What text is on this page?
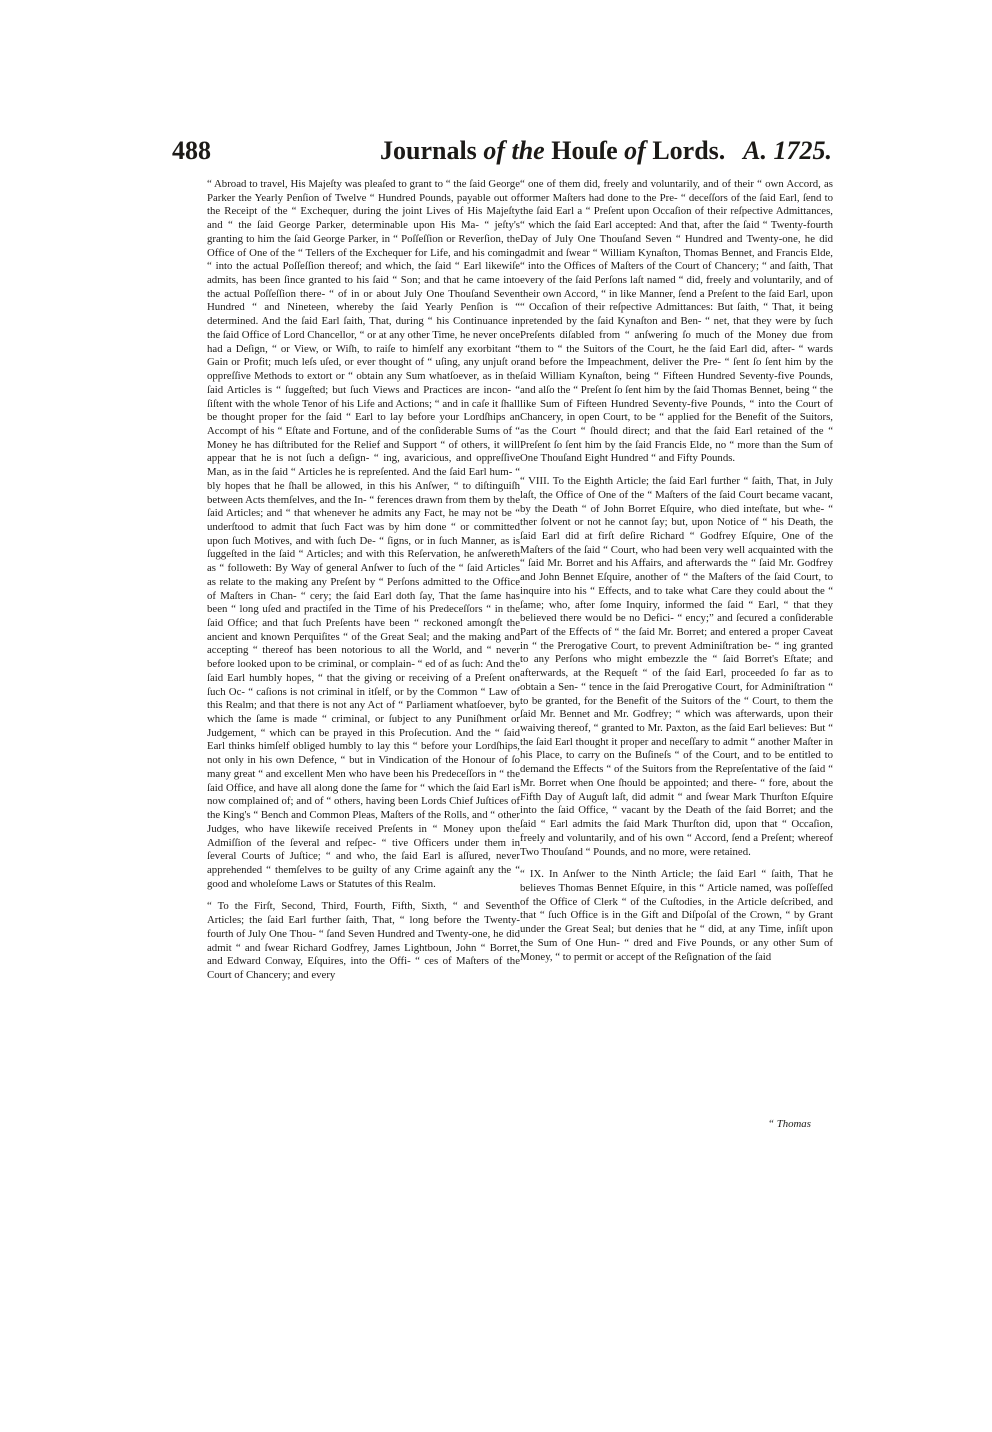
488	Journals of the Houſe of Lords. A. 1725.

“ Abroad to travel, His Majeſty was pleaſed to grant to “ the ſaid George Parker the Yearly Penſion of Twelve “ Hundred Pounds, payable out of the Receipt of the “ Exchequer, during the joint Lives of His Majeſty and “ the ſaid George Parker, determinable upon His Ma- “ jeſty's granting to him the ſaid George Parker, in “ Poſſeſſion or Reverſion, the Office of One of the “ Tellers of the Exchequer for Life, and his coming “ into the actual Poſſeſſion thereof; and which, the ſaid “ Earl likewiſe admits, has been ſince granted to his ſaid “ Son; and that he came into the actual Poſſeſſion there- “ of in or about July One Thouſand Seven Hundred “ and Nineteen, whereby the ſaid Yearly Penſion is “ determined. And the ſaid Earl ſaith, That, during “ his Continuance in the ſaid Office of Lord Chancellor, “ or at any other Time, he never once had a Deſign, “ or View, or Wiſh, to raiſe to himſelf any exorbitant “ Gain or Profit; much leſs uſed, or ever thought of “ uſing, any unjuſt or oppreſſive Methods to extort or “ obtain any Sum whatſoever, as in the ſaid Articles is “ ſuggeſted; but ſuch Views and Practices are incon- “ ſiſtent with the whole Tenor of his Life and Actions; “ and in caſe it ſhall be thought proper for the ſaid “ Earl to lay before your Lordſhips an Accompt of his “ Eſtate and Fortune, and of the conſiderable Sums of “ Money he has diſtributed for the Relief and Support “ of others, it will appear that he is not ſuch a deſign- “ ing, avaricious, and oppreſſive Man, as in the ſaid “ Articles he is repreſented. And the ſaid Earl hum- “ bly hopes that he ſhall be allowed, in this his Anſwer, “ to diſtinguiſh between Acts themſelves, and the In- “ ferences drawn from them by the ſaid Articles; and “ that whenever he admits any Fact, he may not be “ underſtood to admit that ſuch Fact was by him done “ or committed upon ſuch Motives, and with ſuch De- “ ſigns, or in ſuch Manner, as is ſuggeſted in the ſaid “ Articles; and with this Reſervation, he anſwereth as “ followeth: By Way of general Anſwer to ſuch of the “ ſaid Articles as relate to the making any Preſent by “ Perſons admitted to the Office of Maſters in Chan- “ cery; the ſaid Earl doth ſay, That the ſame has been “ long uſed and practiſed in the Time of his Predeceſſors “ in the ſaid Office; and that ſuch Preſents have been “ reckoned amongſt the ancient and known Perquiſites “ of the Great Seal; and the making and accepting “ thereof has been notorious to all the World, and “ never before looked upon to be criminal, or complain- “ ed of as ſuch: And the ſaid Earl humbly hopes, “ that the giving or receiving of a Preſent on ſuch Oc- “ caſions is not criminal in itſelf, or by the Common “ Law of this Realm; and that there is not any Act of “ Parliament whatſoever, by which the ſame is made “ criminal, or ſubject to any Puniſhment or Judgement, “ which can be prayed in this Proſecution. And the “ ſaid Earl thinks himſelf obliged humbly to lay this “ before your Lordſhips, not only in his own Defence, “ but in Vindication of the Honour of ſo many great “ and excellent Men who have been his Predeceſſors in “ the ſaid Office, and have all along done the ſame for “ which the ſaid Earl is now complained of; and of “ others, having been Lords Chief Juſtices of the King's “ Bench and Common Pleas, Maſters of the Rolls, and “ other Judges, who have likewiſe received Preſents in “ Money upon the Admiſſion of the ſeveral and reſpec- “ tive Officers under them in ſeveral Courts of Juſtice; “ and who, the ſaid Earl is aſſured, never apprehended “ themſelves to be guilty of any Crime againſt any the “ good and wholeſome Laws or Statutes of this Realm.

“ To the Firſt, Second, Third, Fourth, Fifth, Sixth, “ and Seventh Articles; the ſaid Earl further ſaith, That, “ long before the Twenty-fourth of July One Thou- “ ſand Seven Hundred and Twenty-one, he did admit “ and ſwear Richard Godfrey, James Lightboun, John “ Borret, and Edward Conway, Eſquires, into the Offi- “ ces of Maſters of the Court of Chancery; and every

“ one of them did, freely and voluntarily, and of their “ own Accord, as former Maſters had done to the Pre- “ deceſſors of the ſaid Earl, ſend to the ſaid Earl a “ Preſent upon Occaſion of their reſpective Admittances, “ which the ſaid Earl accepted: And that, after the ſaid “ Twenty-fourth Day of July One Thouſand Seven “ Hundred and Twenty-one, he did admit and ſwear “ William Kynaſton, Thomas Bennet, and Francis Elde, “ into the Offices of Maſters of the Court of Chancery; “ and ſaith, That every of the ſaid Perſons laſt named “ did, freely and voluntarily, and of their own Accord, “ in like Manner, ſend a Preſent to the ſaid Earl, upon “ Occaſion of their reſpective Admittances: But ſaith, “ That, it being pretended by the ſaid Kynaſton and Ben- “ net, that they were by ſuch Preſents diſabled from “ anſwering ſo much of the Money due from them to “ the Suitors of the Court, he the ſaid Earl did, after- “ wards and before the Impeachment, deliver the Pre- “ ſent ſo ſent him by the ſaid William Kynaſton, being “ Fifteen Hundred Seventy-five Pounds, and alſo the “ Preſent ſo ſent him by the ſaid Thomas Bennet, being “ the like Sum of Fifteen Hundred Seventy-five Pounds, “ into the Court of Chancery, in open Court, to be “ applied for the Benefit of the Suitors, as the Court “ ſhould direct; and that the ſaid Earl retained of the “ Preſent ſo ſent him by the ſaid Francis Elde, no “ more than the Sum of One Thouſand Eight Hundred “ and Fifty Pounds.

“ VIII. To the Eighth Article; the ſaid Earl further “ ſaith, That, in July laſt, the Office of One of the “ Maſters of the ſaid Court became vacant, by the Death “ of John Borret Eſquire, who died inteſtate, but whe- “ ther ſolvent or not he cannot ſay; but, upon Notice of “ his Death, the ſaid Earl did at firſt deſire Richard “ Godfrey Eſquire, One of the Maſters of the ſaid “ Court, who had been very well acquainted with the “ ſaid Mr. Borret and his Affairs, and afterwards the “ ſaid Mr. Godfrey and John Bennet Eſquire, another of “ the Maſters of the ſaid Court, to inquire into his “ Effects, and to take what Care they could about the “ ſame; who, after ſome Inquiry, informed the ſaid “ Earl, “ that they believed there would be no Defici- “ ency;” and ſecured a conſiderable Part of the Effects of “ the ſaid Mr. Borret; and entered a proper Caveat in “ the Prerogative Court, to prevent Adminiſtration be- “ ing granted to any Perſons who might embezzle the “ ſaid Borret's Eſtate; and afterwards, at the Requeſt “ of the ſaid Earl, proceeded ſo far as to obtain a Sen- “ tence in the ſaid Prerogative Court, for Adminiſtration “ to be granted, for the Benefit of the Suitors of the “ Court, to them the ſaid Mr. Bennet and Mr. Godfrey; “ which was afterwards, upon their waiving thereof, “ granted to Mr. Paxton, as the ſaid Earl believes: But “ the ſaid Earl thought it proper and neceſſary to admit “ another Maſter in his Place, to carry on the Buſineſs “ of the Court, and to be entitled to demand the Effects “ of the Suitors from the Repreſentative of the ſaid “ Mr. Borret when One ſhould be appointed; and there- “ fore, about the Fifth Day of Auguſt laſt, did admit “ and ſwear Mark Thurſton Eſquire into the ſaid Office, “ vacant by the Death of the ſaid Borret; and the ſaid “ Earl admits the ſaid Mark Thurſton did, upon that “ Occaſion, freely and voluntarily, and of his own “ Accord, ſend a Preſent; whereof Two Thouſand “ Pounds, and no more, were retained.

“ IX. In Anſwer to the Ninth Article; the ſaid Earl “ ſaith, That he believes Thomas Bennet Eſquire, in this “ Article named, was poſſeſſed of the Office of Clerk “ of the Cuſtodies, in the Article deſcribed, and that “ ſuch Office is in the Gift and Diſpoſal of the Crown, “ by Grant under the Great Seal; but denies that he “ did, at any Time, inſiſt upon the Sum of One Hun- “ dred and Five Pounds, or any other Sum of Money, “ to permit or accept of the Reſignation of the ſaid

“ Thomas
